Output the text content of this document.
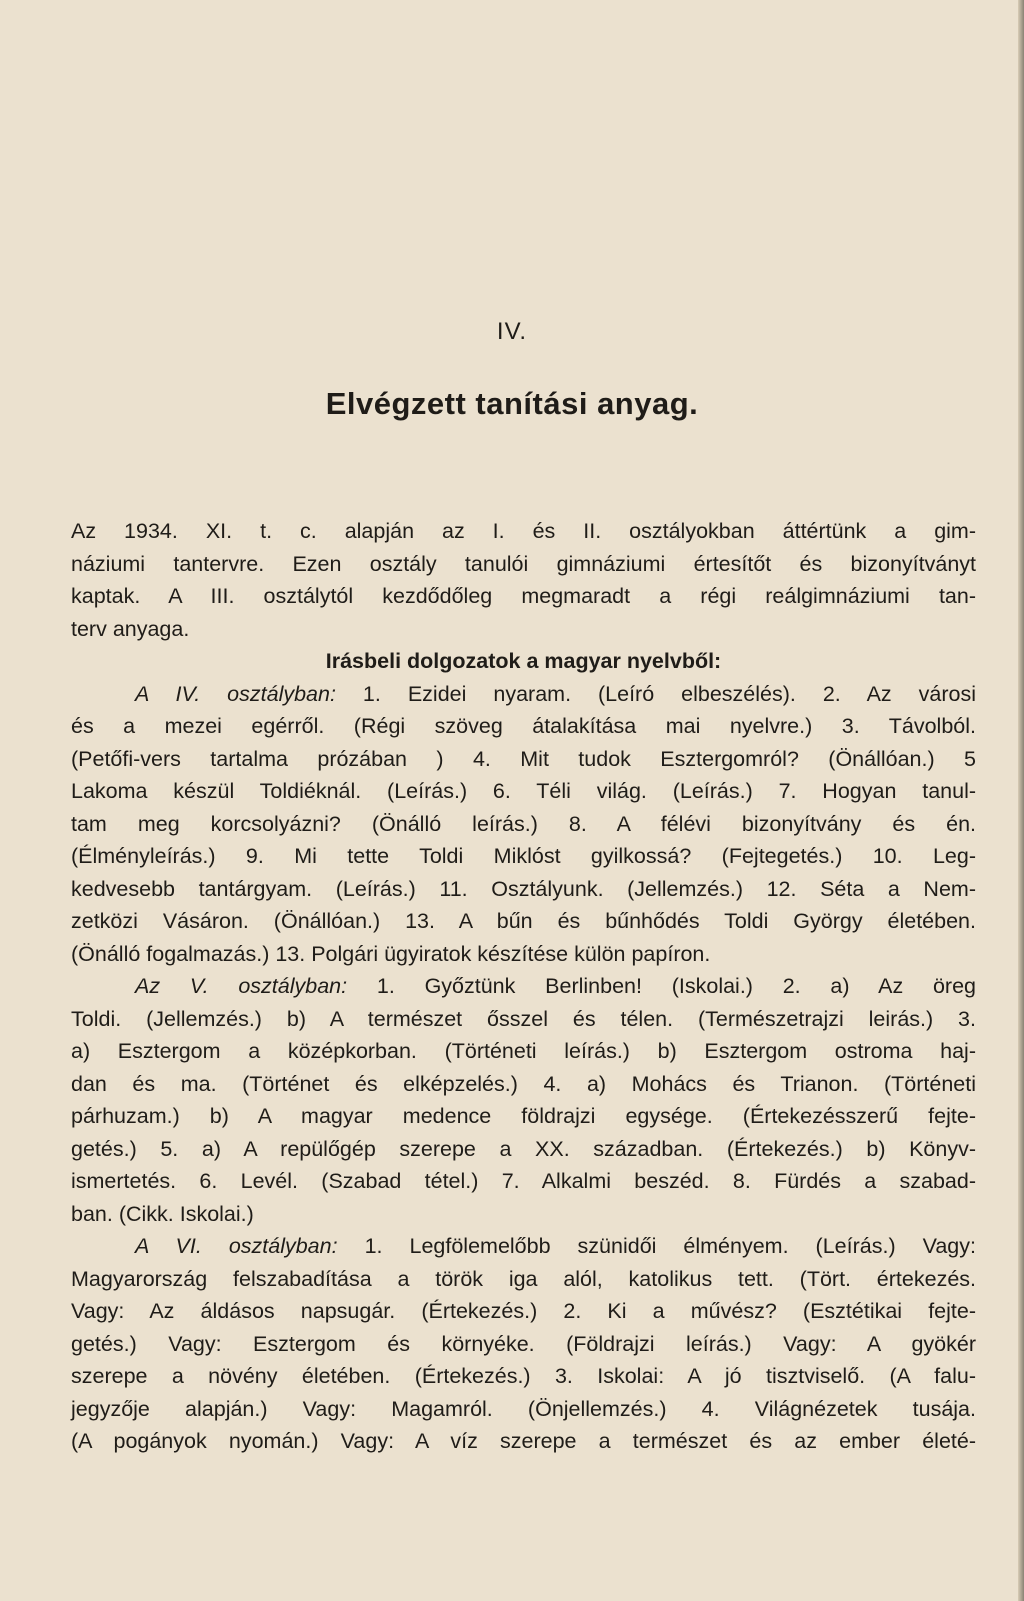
IV.
Elvégzett tanítási anyag.
Az 1934. XI. t. c. alapján az I. és II. osztályokban áttértünk a gim-
náziumi tantervre. Ezen osztály tanulói gimnáziumi értesítőt és bizonyítványt
kaptak. A III. osztálytól kezdődőleg megmaradt a régi reálgimnáziumi tan-
terv anyaga.
Irásbeli dolgozatok a magyar nyelvből:
A IV. osztályban: 1. Ezidei nyaram. (Leíró elbeszélés). 2. Az városi
és a mezei egérről. (Régi szöveg átalakítása mai nyelvre.) 3. Távolból.
(Petőfi-vers tartalma prózában ) 4. Mit tudok Esztergomról? (Önállóan.) 5
Lakoma készül Toldiéknál. (Leírás.) 6. Téli világ. (Leírás.) 7. Hogyan tanul-
tam meg korcsolyázni? (Önálló leírás.) 8. A félévi bizonyítvány és én.
(Élményleírás.) 9. Mi tette Toldi Miklóst gyilkossá? (Fejtegetés.) 10. Leg-
kedvesebb tantárgyam. (Leírás.) 11. Osztályunk. (Jellemzés.) 12. Séta a Nem-
zetközi Vásáron. (Önállóan.) 13. A bűn és bűnhődés Toldi György életében.
(Önálló fogalmazás.) 13. Polgári ügyiratok készítése külön papíron.
Az V. osztályban: 1. Győztünk Berlinben! (Iskolai.) 2. a) Az öreg
Toldi. (Jellemzés.) b) A természet ősszel és télen. (Természetrajzi leirás.) 3.
a) Esztergom a középkorban. (Történeti leírás.) b) Esztergom ostroma haj-
dan és ma. (Történet és elképzelés.) 4. a) Mohács és Trianon. (Történeti
párhuzam.) b) A magyar medence földrajzi egysége. (Értekezésszerű fejte-
getés.) 5. a) A repülőgép szerepe a XX. században. (Értekezés.) b) Könyv-
ismertetés. 6. Levél. (Szabad tétel.) 7. Alkalmi beszéd. 8. Fürdés a szabad-
ban. (Cikk. Iskolai.)
A VI. osztályban: 1. Legfölemelőbb szünidői élményem. (Leírás.) Vagy:
Magyarország felszabadítása a török iga alól, katolikus tett. (Tört. értekezés.
Vagy: Az áldásos napsugár. (Értekezés.) 2. Ki a művész? (Esztétikai fejte-
getés.) Vagy: Esztergom és környéke. (Földrajzi leírás.) Vagy: A gyökér
szerepe a növény életében. (Értekezés.) 3. Iskolai: A jó tisztviselő. (A falu-
jegyzője alapján.) Vagy: Magamról. (Önjellemzés.) 4. Világnézetek tusája.
(A pogányok nyomán.) Vagy: A víz szerepe a természet és az ember életé-
